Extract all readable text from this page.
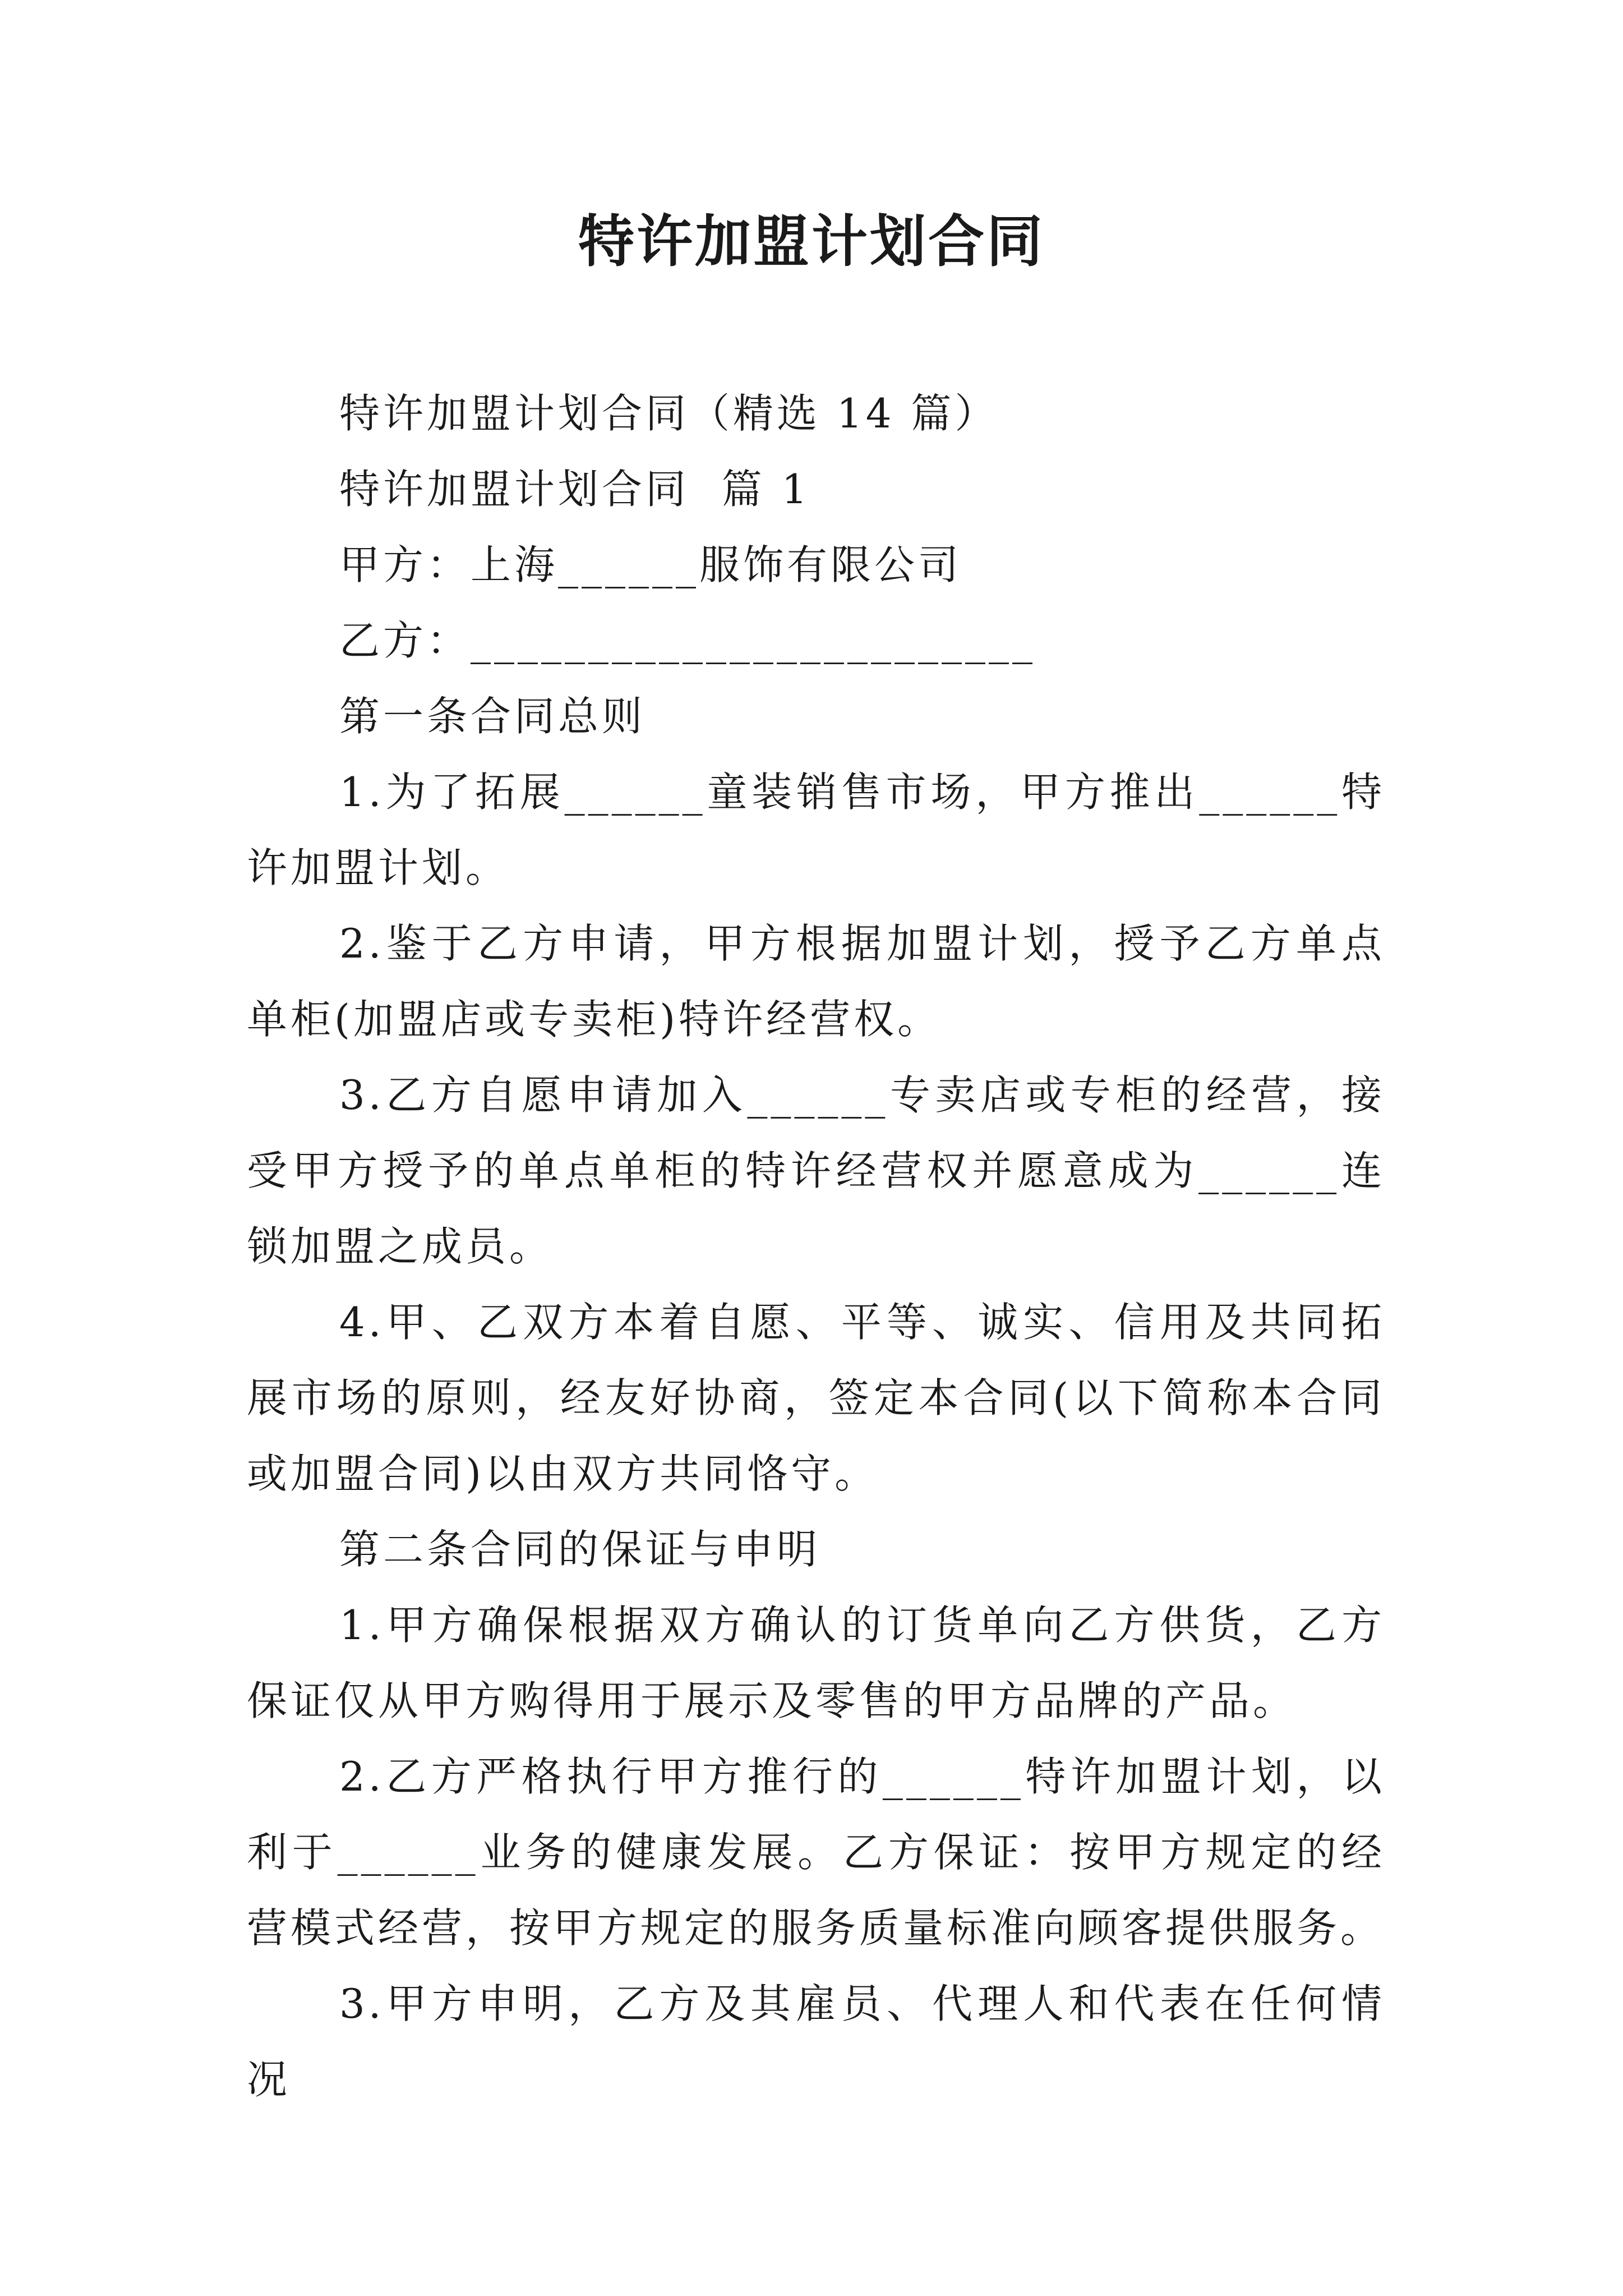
特许加盟计划合同
特许加盟计划合同（精选 14 篇）
特许加盟计划合同  篇 1
甲方：上海______服饰有限公司
乙方：________________________
第一条合同总则
1.为了拓展______童装销售市场，甲方推出______特许加盟计划。
2.鉴于乙方申请，甲方根据加盟计划，授予乙方单点单柜(加盟店或专卖柜)特许经营权。
3.乙方自愿申请加入______专卖店或专柜的经营，接受甲方授予的单点单柜的特许经营权并愿意成为______连锁加盟之成员。
4.甲、乙双方本着自愿、平等、诚实、信用及共同拓展市场的原则，经友好协商，签定本合同(以下简称本合同或加盟合同)以由双方共同恪守。
第二条合同的保证与申明
1.甲方确保根据双方确认的订货单向乙方供货，乙方保证仅从甲方购得用于展示及零售的甲方品牌的产品。
2.乙方严格执行甲方推行的______特许加盟计划，以利于______业务的健康发展。乙方保证：按甲方规定的经营模式经营，按甲方规定的服务质量标准向顾客提供服务。
3.甲方申明，乙方及其雇员、代理人和代表在任何情况
